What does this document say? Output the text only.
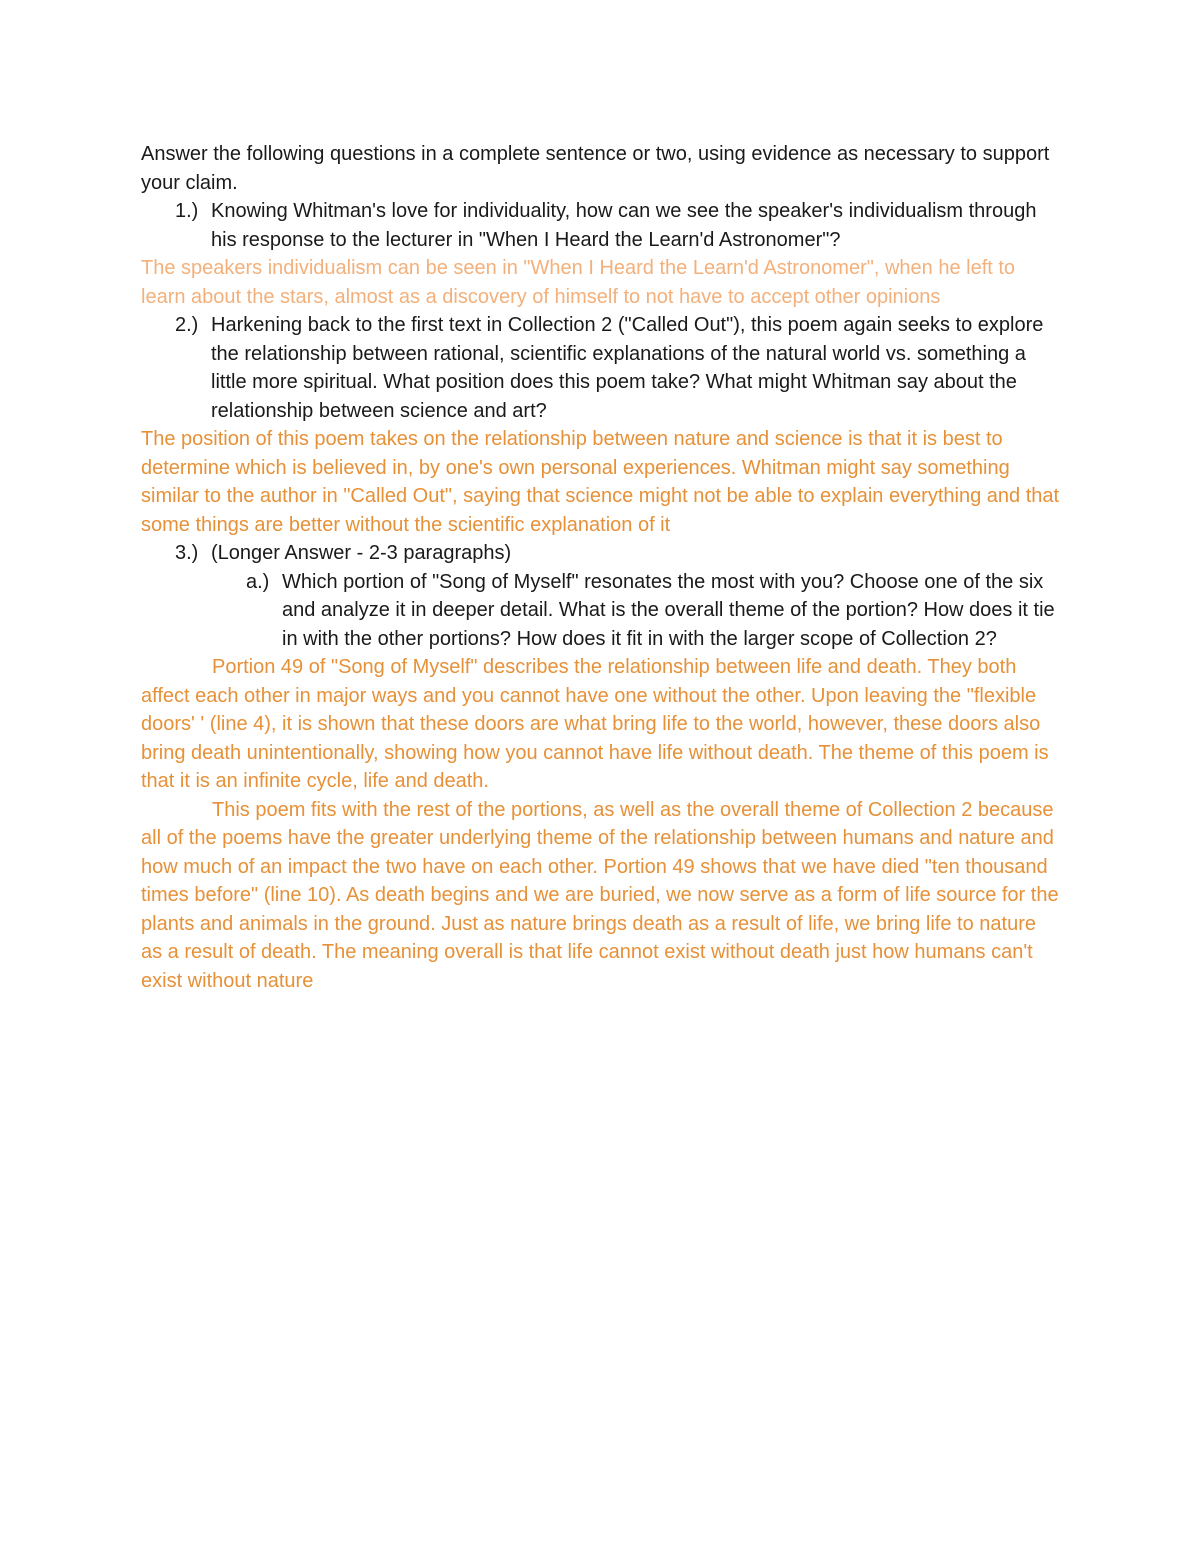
Answer the following questions in a complete sentence or two, using evidence as necessary to support your claim.

1.) Knowing Whitman's love for individuality, how can we see the speaker's individualism through his response to the lecturer in "When I Heard the Learn'd Astronomer"?

The speakers individualism can be seen in "When I Heard the Learn'd Astronomer", when he left to learn about the stars, almost as a discovery of himself to not have to accept other opinions

2.) Harkening back to the first text in Collection 2 ("Called Out"), this poem again seeks to explore the relationship between rational, scientific explanations of the natural world vs. something a little more spiritual. What position does this poem take? What might Whitman say about the relationship between science and art?

The position of this poem takes on the relationship between nature and science is that it is best to determine which is believed in, by one's own personal experiences. Whitman might say something similar to the author in "Called Out", saying that science might not be able to explain everything and that some things are better without the scientific explanation of it

3.) (Longer Answer - 2-3 paragraphs)

a.) Which portion of "Song of Myself" resonates the most with you? Choose one of the six and analyze it in deeper detail. What is the overall theme of the portion? How does it tie in with the other portions? How does it fit in with the larger scope of Collection 2?

Portion 49 of "Song of Myself" describes the relationship between life and death. They both affect each other in major ways and you cannot have one without the other. Upon leaving the "flexible doors' ' (line 4), it is shown that these doors are what bring life to the world, however, these doors also bring death unintentionally, showing how you cannot have life without death. The theme of this poem is that it is an infinite cycle, life and death.

This poem fits with the rest of the portions, as well as the overall theme of Collection 2 because all of the poems have the greater underlying theme of the relationship between humans and nature and how much of an impact the two have on each other. Portion 49 shows that we have died "ten thousand times before" (line 10). As death begins and we are buried, we now serve as a form of life source for the plants and animals in the ground. Just as nature brings death as a result of life, we bring life to nature as a result of death. The meaning overall is that life cannot exist without death just how humans can't exist without nature
